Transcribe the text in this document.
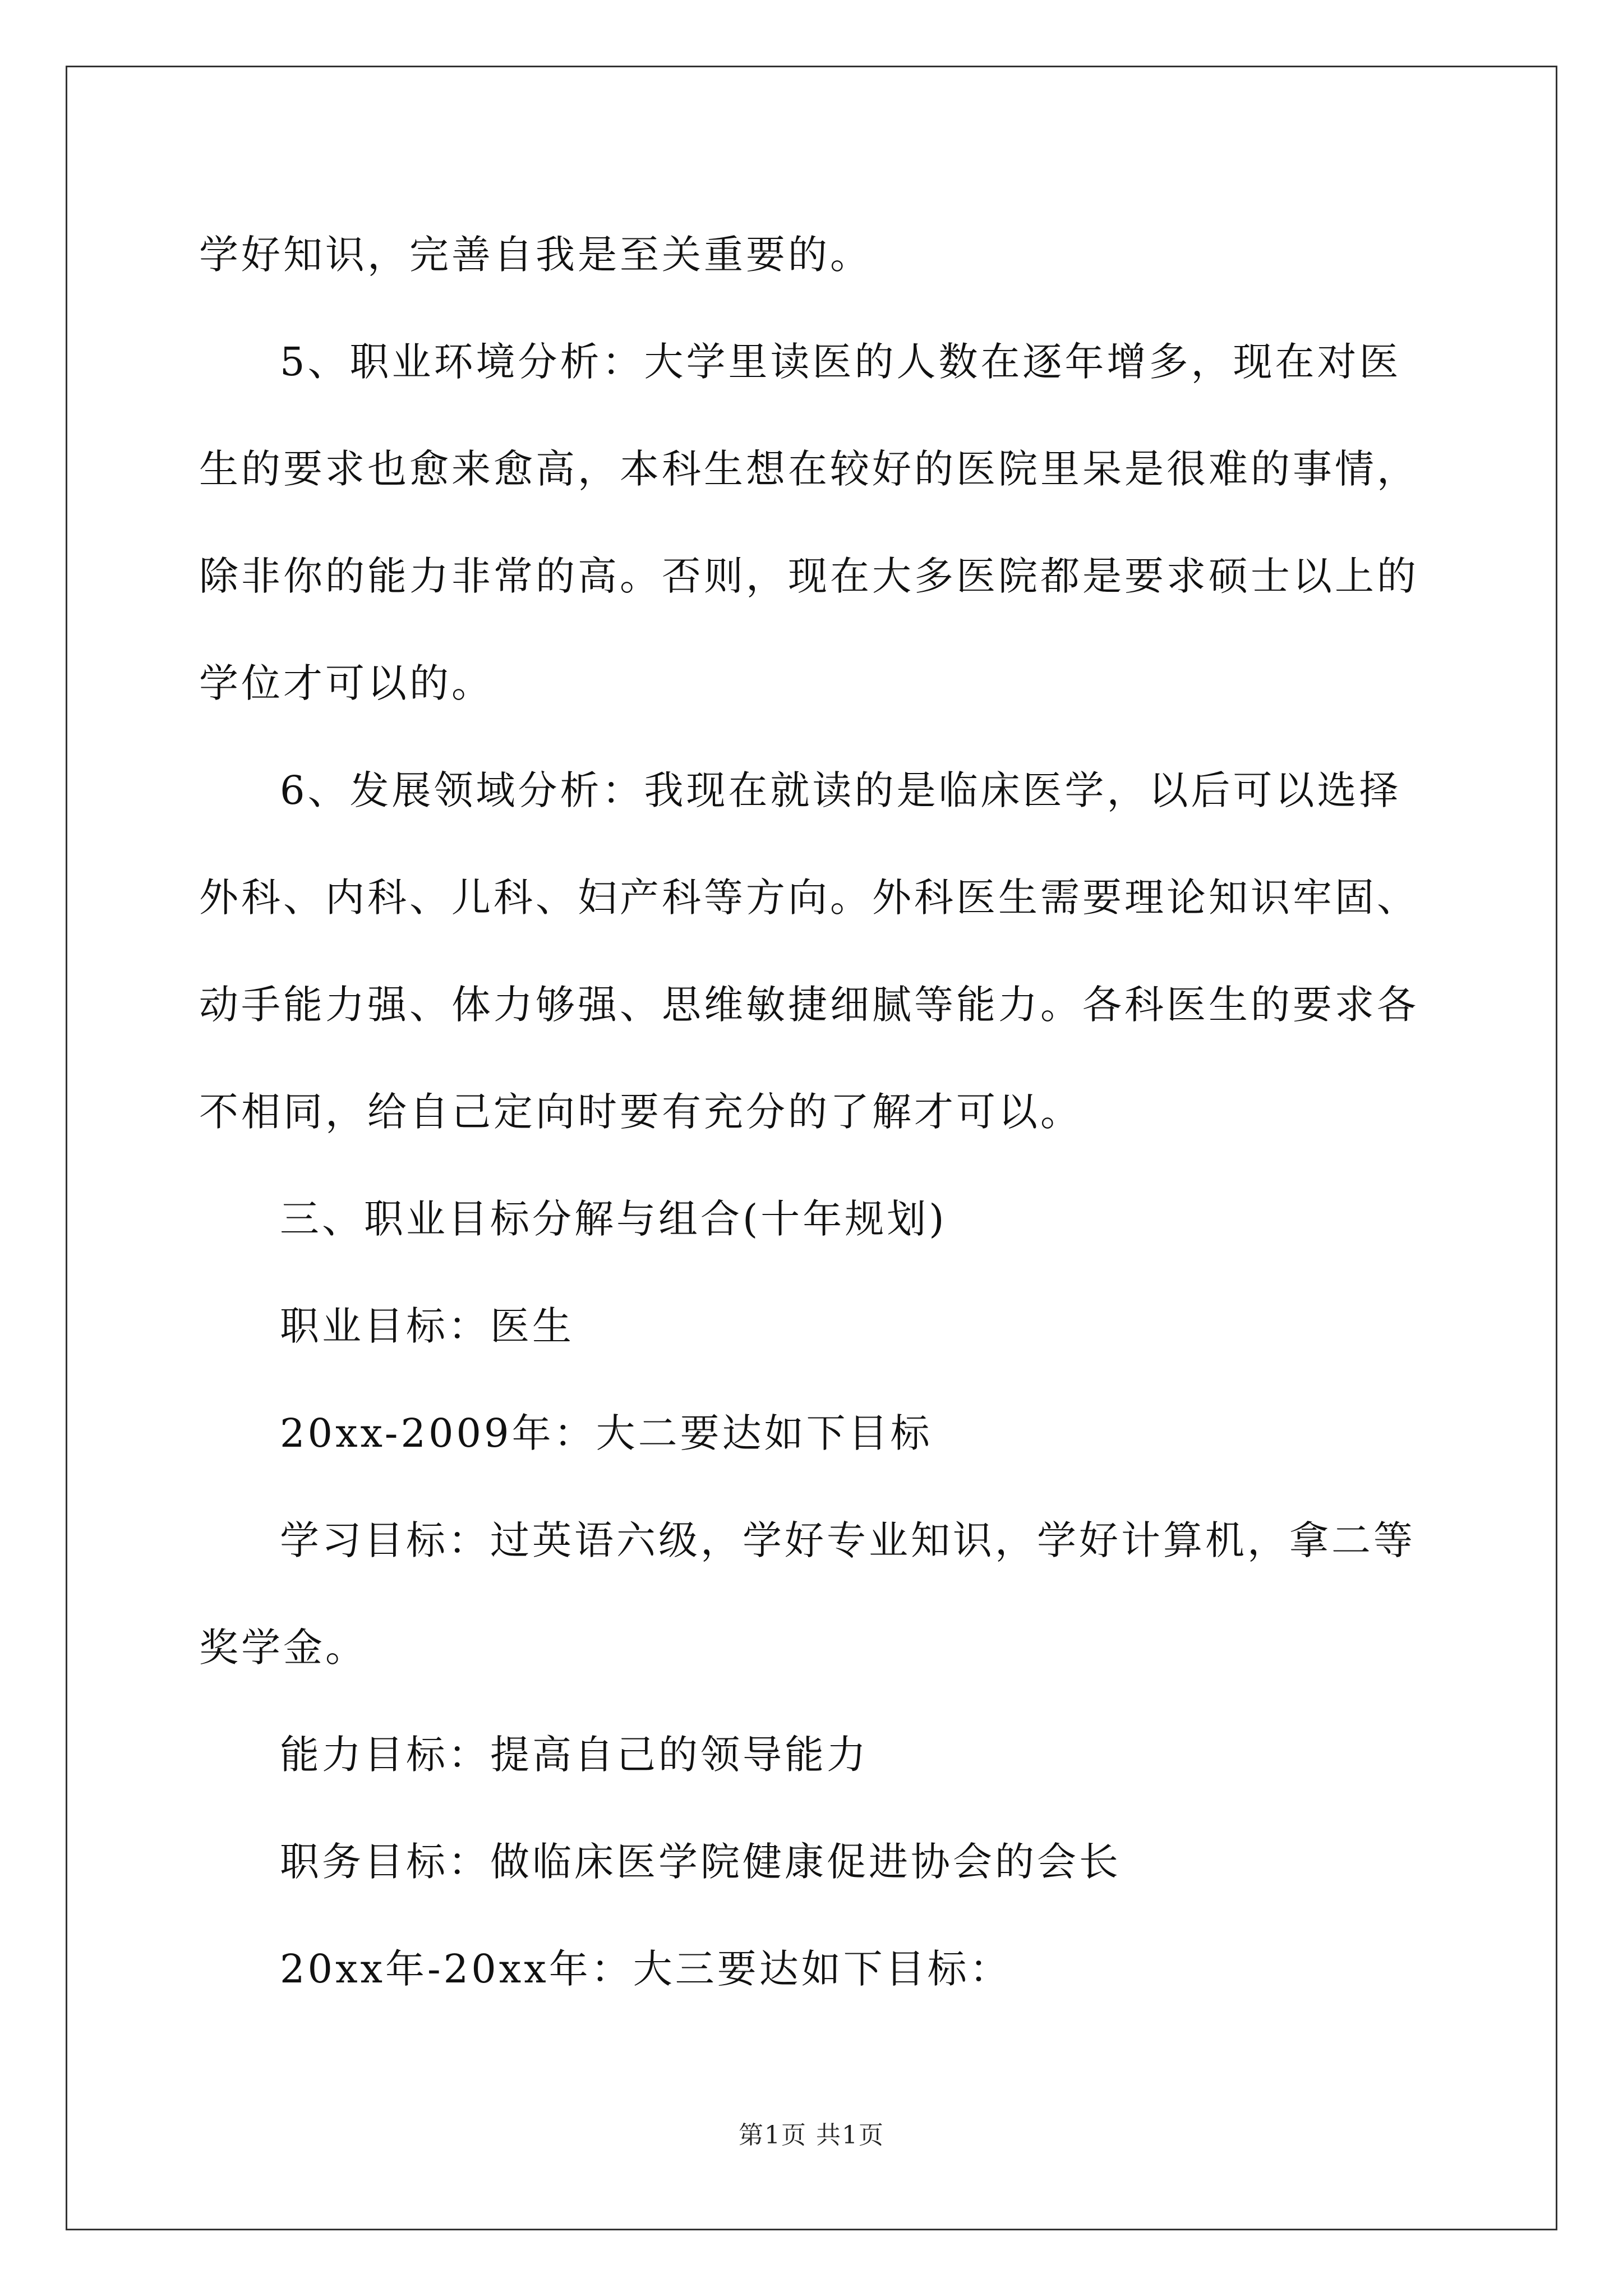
学好知识，完善自我是至关重要的。

5、职业环境分析：大学里读医的人数在逐年增多，现在对医生的要求也愈来愈高，本科生想在较好的医院里呆是很难的事情，除非你的能力非常的高。否则，现在大多医院都是要求硕士以上的学位才可以的。

6、发展领域分析：我现在就读的是临床医学，以后可以选择外科、内科、儿科、妇产科等方向。外科医生需要理论知识牢固、动手能力强、体力够强、思维敏捷细腻等能力。各科医生的要求各不相同，给自己定向时要有充分的了解才可以。

三、职业目标分解与组合(十年规划)

职业目标：医生

20xx-2009年：大二要达如下目标

学习目标：过英语六级，学好专业知识，学好计算机，拿二等奖学金。

能力目标：提高自己的领导能力

职务目标：做临床医学院健康促进协会的会长

20xx年-20xx年：大三要达如下目标：

第1页 共1页
